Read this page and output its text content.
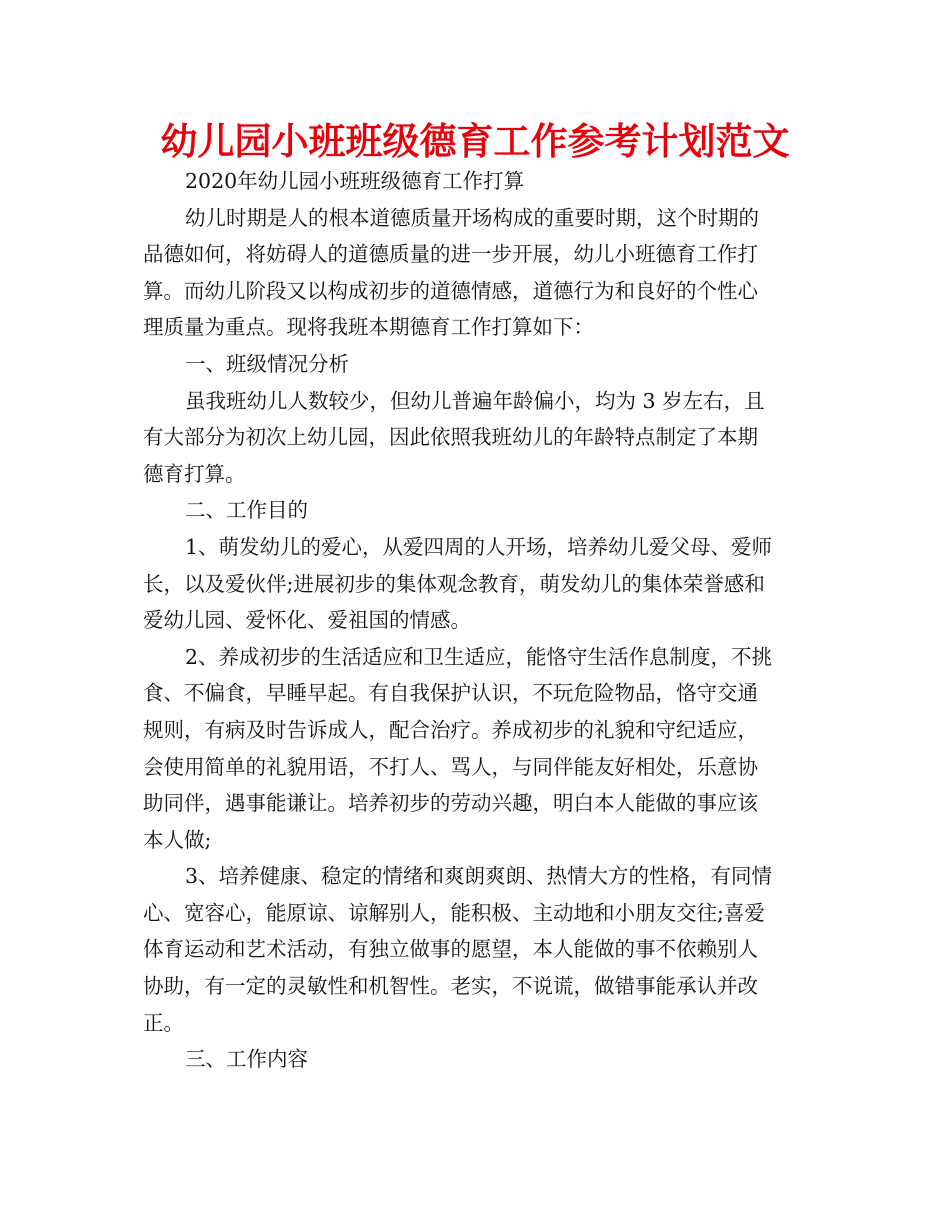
幼儿园小班班级德育工作参考计划范文
2020年幼儿园小班班级德育工作打算
幼儿时期是人的根本道德质量开场构成的重要时期，这个时期的
品德如何，将妨碍人的道德质量的进一步开展，幼儿小班德育工作打
算。而幼儿阶段又以构成初步的道德情感，道德行为和良好的个性心
理质量为重点。现将我班本期德育工作打算如下：
一、班级情况分析
虽我班幼儿人数较少，但幼儿普遍年龄偏小，均为 3 岁左右，且
有大部分为初次上幼儿园，因此依照我班幼儿的年龄特点制定了本期
德育打算。
二、工作目的
1、萌发幼儿的爱心，从爱四周的人开场，培养幼儿爱父母、爱师
长，以及爱伙伴;进展初步的集体观念教育，萌发幼儿的集体荣誉感和
爱幼儿园、爱怀化、爱祖国的情感。
2、养成初步的生活适应和卫生适应，能恪守生活作息制度，不挑
食、不偏食，早睡早起。有自我保护认识，不玩危险物品，恪守交通
规则，有病及时告诉成人，配合治疗。养成初步的礼貌和守纪适应，
会使用简单的礼貌用语，不打人、骂人，与同伴能友好相处，乐意协
助同伴，遇事能谦让。培养初步的劳动兴趣，明白本人能做的事应该
本人做;
3、培养健康、稳定的情绪和爽朗爽朗、热情大方的性格，有同情
心、宽容心，能原谅、谅解别人，能积极、主动地和小朋友交往;喜爱
体育运动和艺术活动，有独立做事的愿望，本人能做的事不依赖别人
协助，有一定的灵敏性和机智性。老实，不说谎，做错事能承认并改
正。
三、工作内容
